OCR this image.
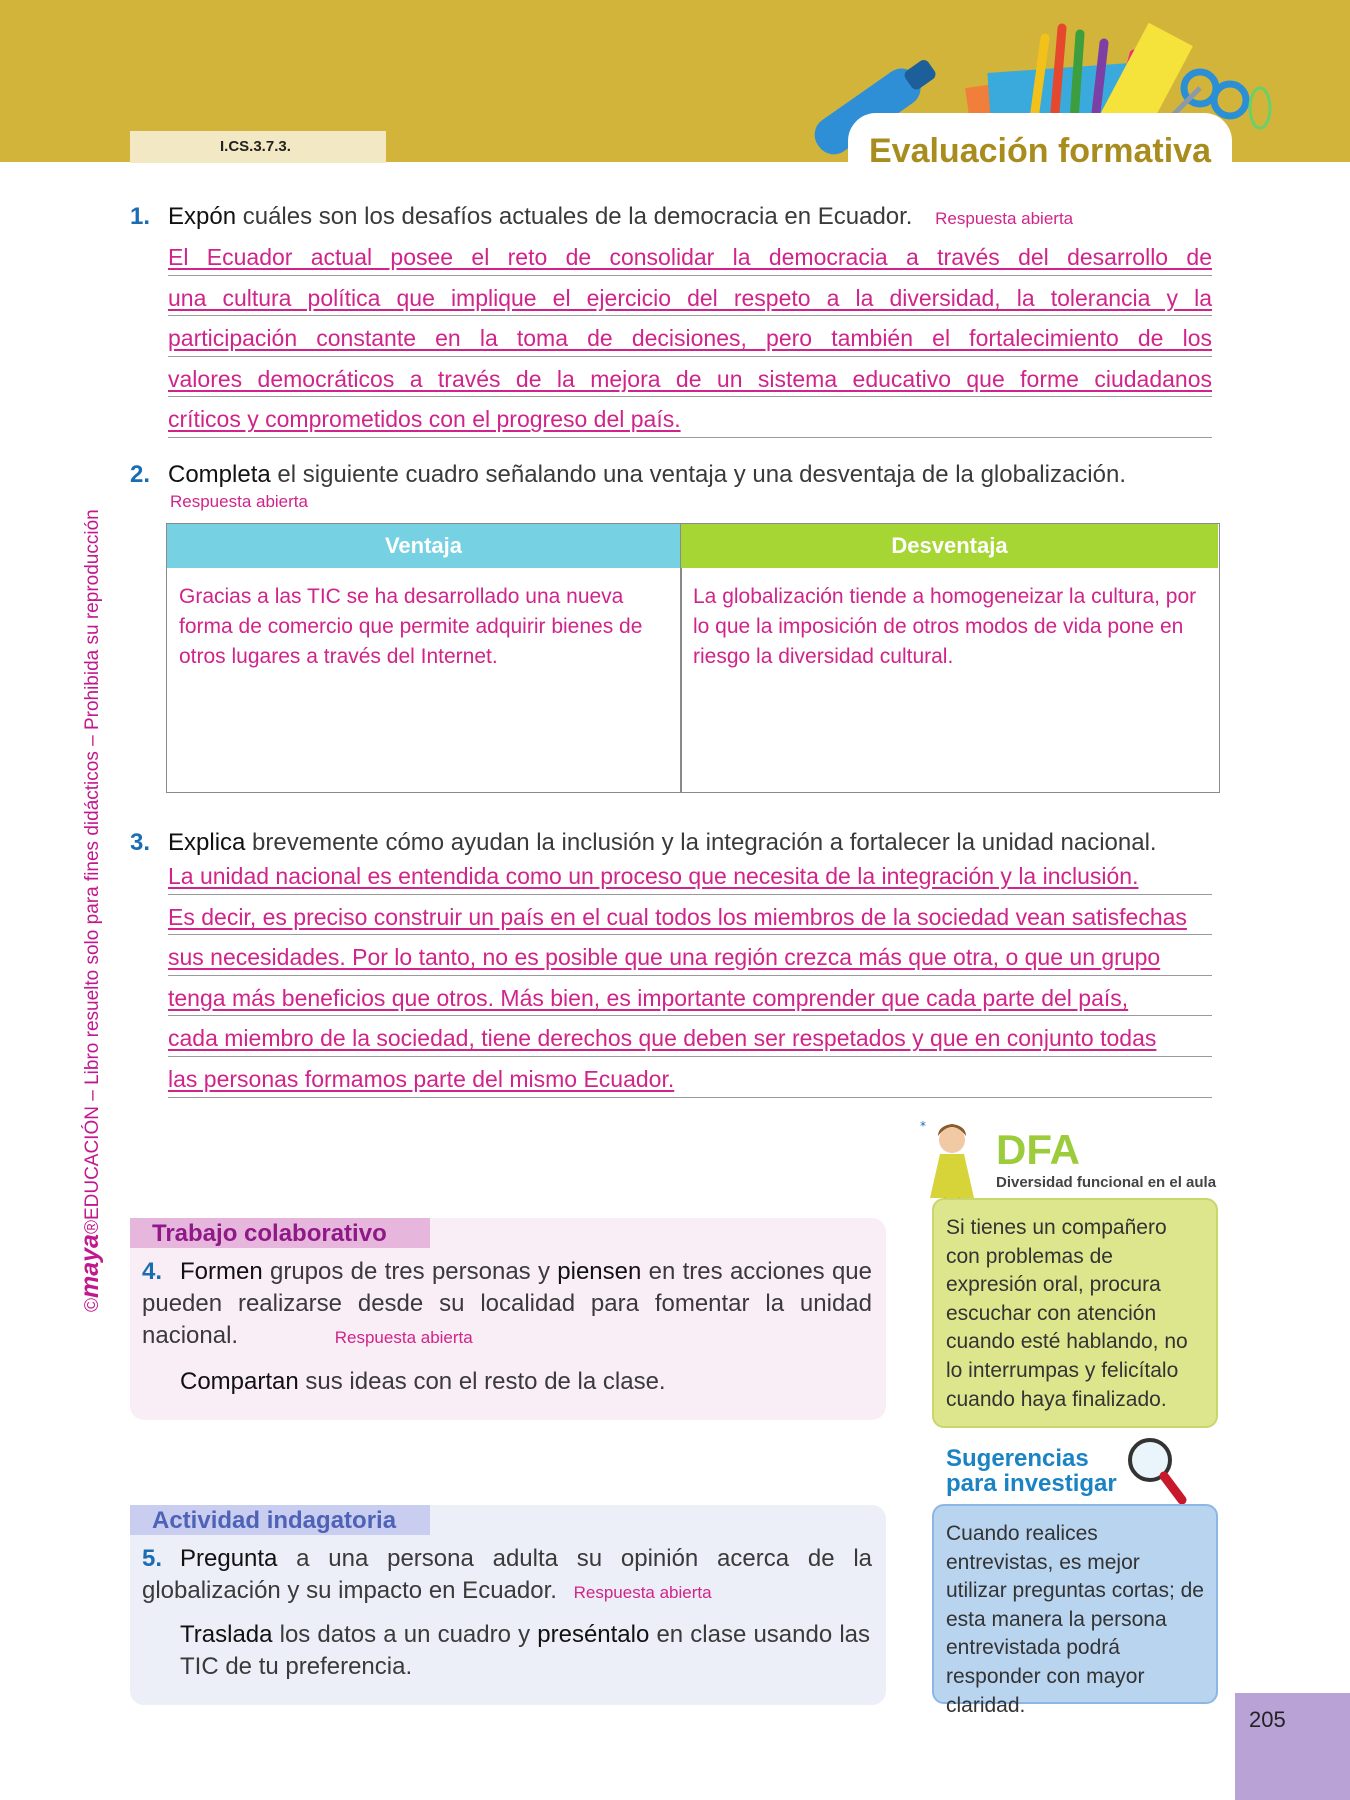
I.CS.3.7.3.	Evaluación formativa
©maya®EDUCACIÓN – Libro resuelto solo para fines didácticos – Prohibida su reproducción
1. Expón cuáles son los desafíos actuales de la democracia en Ecuador. Respuesta abierta
El Ecuador actual posee el reto de consolidar la democracia a través del desarrollo de
una cultura política que implique el ejercicio del respeto a la diversidad, la tolerancia y la
participación constante en la toma de decisiones, pero también el fortalecimiento de los
valores democráticos a través de la mejora de un sistema educativo que forme ciudadanos
críticos y comprometidos con el progreso del país.
2. Completa el siguiente cuadro señalando una ventaja y una desventaja de la globalización.
Respuesta abierta
Ventaja
Gracias a las TIC se ha desarrollado una nueva forma de comercio que permite adquirir bienes de otros lugares a través del Internet.
Desventaja
La globalización tiende a homogeneizar la cultura, por lo que la imposición de otros modos de vida pone en riesgo la diversidad cultural.
3. Explica brevemente cómo ayudan la inclusión y la integración a fortalecer la unidad nacional.
La unidad nacional es entendida como un proceso que necesita de la integración y la inclusión.
Es decir, es preciso construir un país en el cual todos los miembros de la sociedad vean satisfechas
sus necesidades. Por lo tanto, no es posible que una región crezca más que otra, o que un grupo
tenga más beneficios que otros. Más bien, es importante comprender que cada parte del país,
cada miembro de la sociedad, tiene derechos que deben ser respetados y que en conjunto todas
las personas formamos parte del mismo Ecuador.
Trabajo colaborativo
4. Formen grupos de tres personas y piensen en tres acciones que pueden realizarse desde su localidad para fomentar la unidad nacional.	Respuesta abierta
Compartan sus ideas con el resto de la clase.
Actividad indagatoria
5. Pregunta a una persona adulta su opinión acerca de la globalización y su impacto en Ecuador. Respuesta abierta
Traslada los datos a un cuadro y preséntalo en clase usando las TIC de tu preferencia.
* DFA
Diversidad funcional en el aula
Si tienes un compañero con problemas de expresión oral, procura escuchar con atención cuando esté hablando, no lo interrumpas y felicítalo cuando haya finalizado.
Sugerencias
para investigar
Cuando realices entrevistas, es mejor utilizar preguntas cortas; de esta manera la persona entrevistada podrá responder con mayor claridad.
205
